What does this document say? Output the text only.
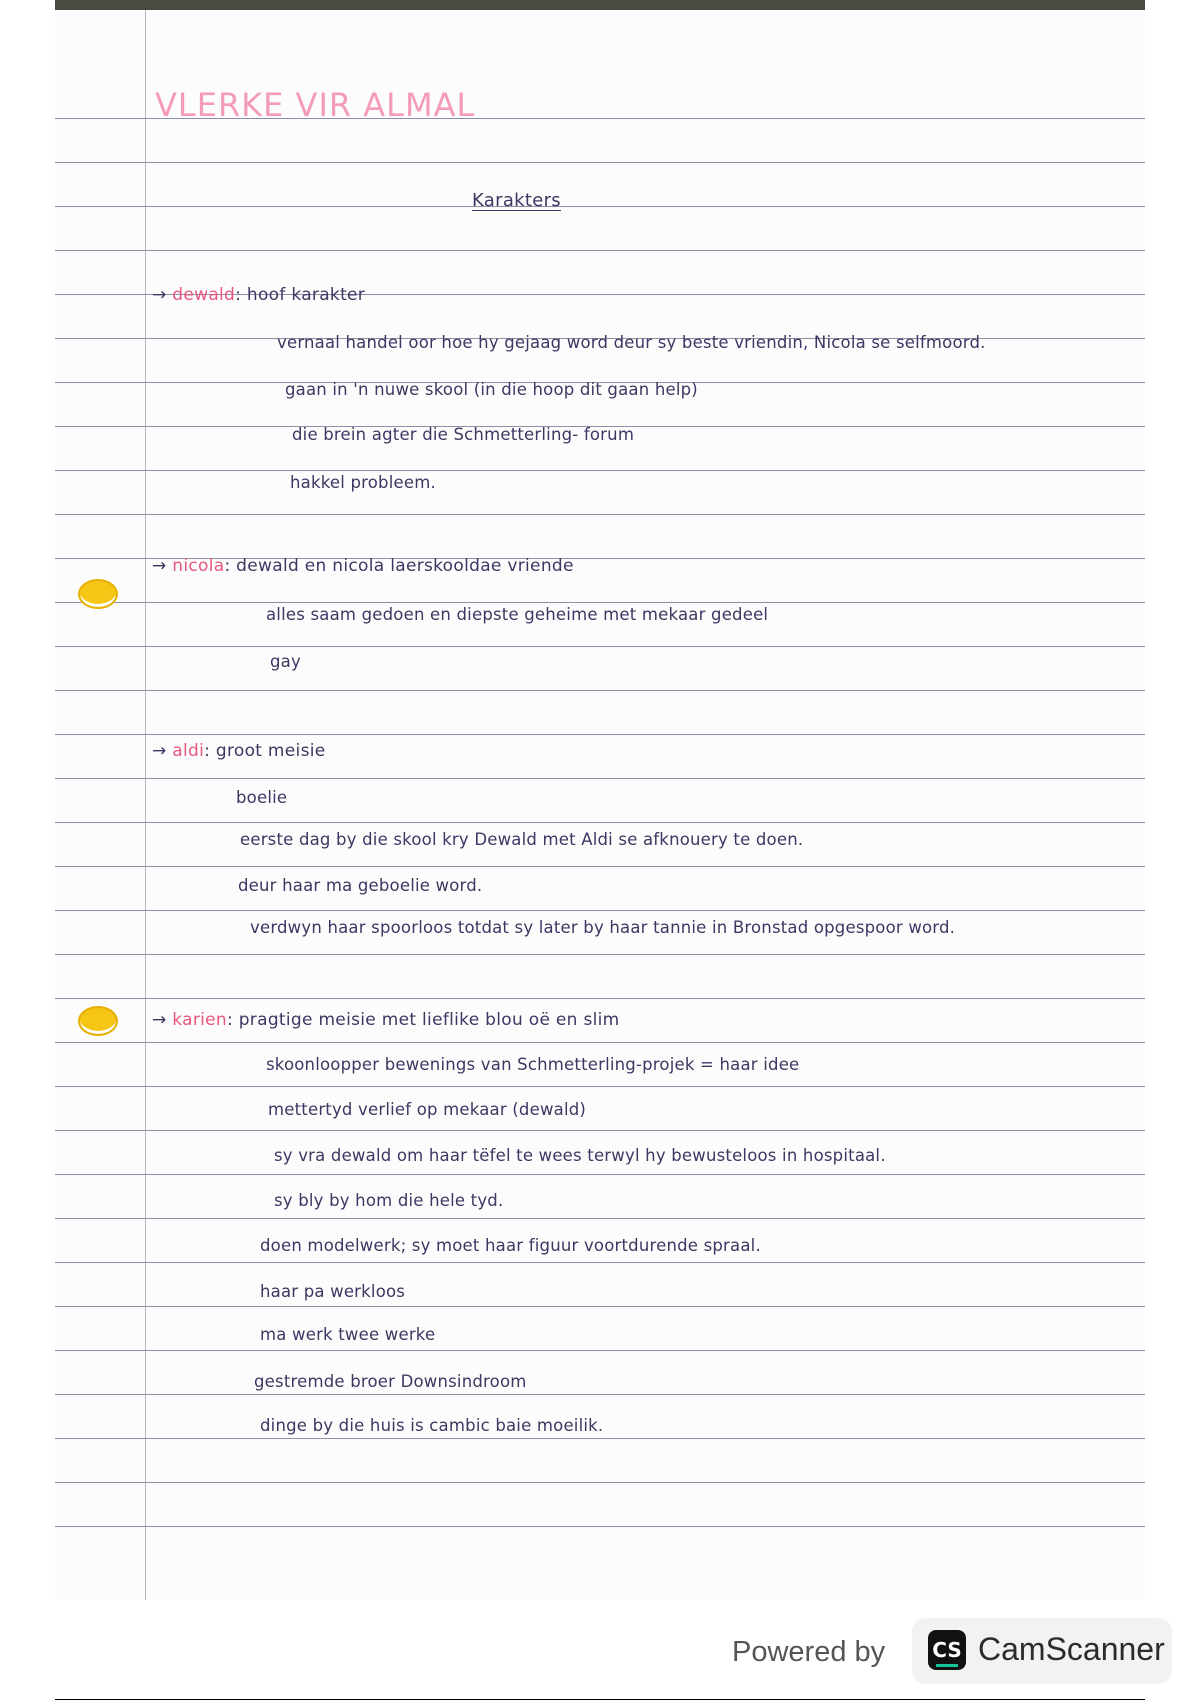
VLERKE VIR ALMAL
Karakters
→ dewald: hoof karakter
vernaal handel oor hoe hy gejaag word deur sy beste vriendin, Nicola se selfmoord.
gaan in 'n nuwe skool (in die hoop dit gaan help)
die brein agter die Schmetterling- forum
hakkel probleem.
→ nicola: dewald en nicola laerskooldae vriende
alles saam gedoen en diepste geheime met mekaar gedeel
gay
→ aldi: groot meisie
boelie
eerste dag by die skool kry Dewald met Aldi se afknouery te doen.
deur haar ma geboelie word.
verdwyn haar spoorloos totdat sy later by haar tannie in Bronstad opgespoor word.
→ karien: pragtige meisie met lieflike blou oë en slim
skoonloopper bewenings van Schmetterling-projek = haar idee
mettertyd verlief op mekaar (dewald)
sy vra dewald om haar tëfel te wees terwyl hy bewusteloos in hospitaal.
sy bly by hom die hele tyd.
doen modelwerk; sy moet haar figuur voortdurende spraal.
haar pa werkloos
ma werk twee werke
gestremde broer Downsindroom
dinge by die huis is cambic baie moeilik.
Powered by CS CamScanner
